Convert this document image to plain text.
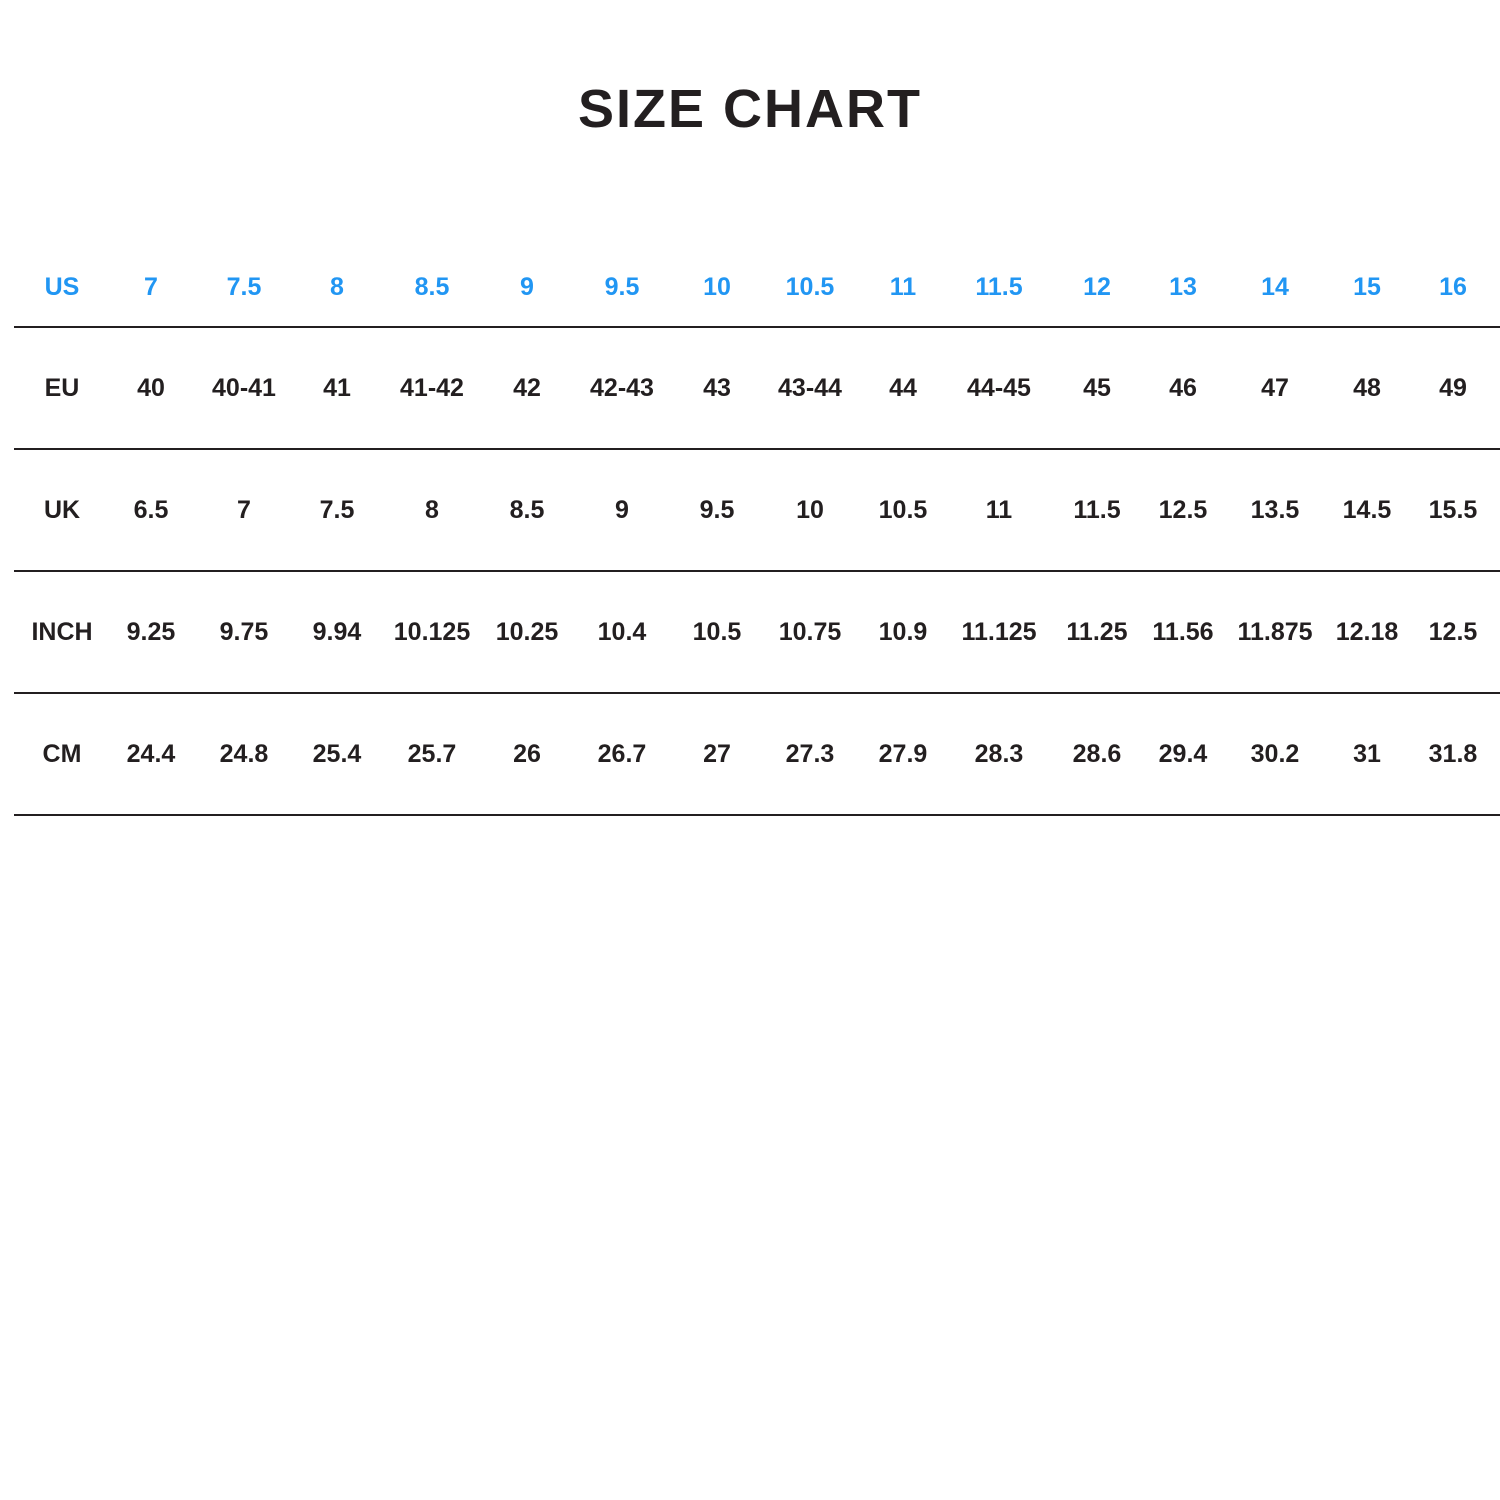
SIZE CHART
US	7	7.5	8	8.5	9	9.5	10	10.5	11	11.5	12	13	14	15	16
EU	40	40-41	41	41-42	42	42-43	43	43-44	44	44-45	45	46	47	48	49
UK	6.5	7	7.5	8	8.5	9	9.5	10	10.5	11	11.5	12.5	13.5	14.5	15.5
INCH	9.25	9.75	9.94	10.125	10.25	10.4	10.5	10.75	10.9	11.125	11.25	11.56	11.875	12.18	12.5
CM	24.4	24.8	25.4	25.7	26	26.7	27	27.3	27.9	28.3	28.6	29.4	30.2	31	31.8
